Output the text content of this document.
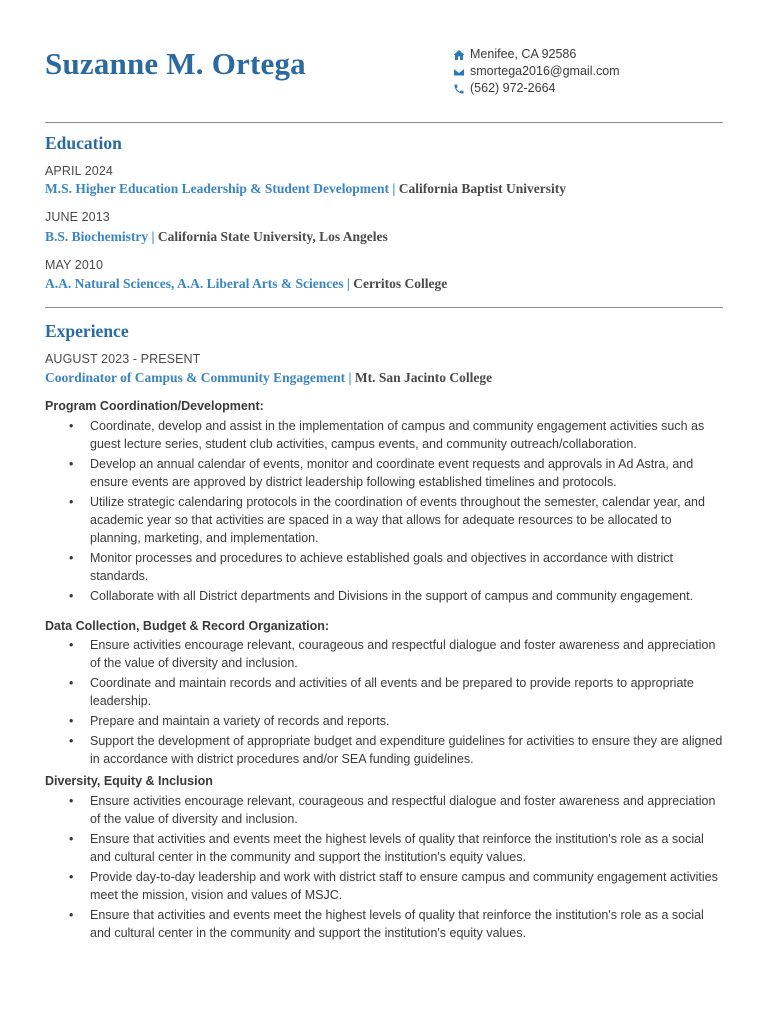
Suzanne M. Ortega	Menifee, CA 92586
smortega2016@gmail.com
(562) 972-2664
Education
APRIL 2024
M.S. Higher Education Leadership & Student Development | California Baptist University
JUNE 2013
B.S. Biochemistry | California State University, Los Angeles
MAY 2010
A.A. Natural Sciences, A.A. Liberal Arts & Sciences | Cerritos College
Experience
AUGUST 2023 - PRESENT
Coordinator of Campus & Community Engagement | Mt. San Jacinto College
Program Coordination/Development:
• Coordinate, develop and assist in the implementation of campus and community engagement activities such as guest lecture series, student club activities, campus events, and community outreach/collaboration.
• Develop an annual calendar of events, monitor and coordinate event requests and approvals in Ad Astra, and ensure events are approved by district leadership following established timelines and protocols.
• Utilize strategic calendaring protocols in the coordination of events throughout the semester, calendar year, and academic year so that activities are spaced in a way that allows for adequate resources to be allocated to planning, marketing, and implementation.
• Monitor processes and procedures to achieve established goals and objectives in accordance with district standards.
• Collaborate with all District departments and Divisions in the support of campus and community engagement.
Data Collection, Budget & Record Organization:
• Ensure activities encourage relevant, courageous and respectful dialogue and foster awareness and appreciation of the value of diversity and inclusion.
• Coordinate and maintain records and activities of all events and be prepared to provide reports to appropriate leadership.
• Prepare and maintain a variety of records and reports.
• Support the development of appropriate budget and expenditure guidelines for activities to ensure they are aligned in accordance with district procedures and/or SEA funding guidelines.
Diversity, Equity & Inclusion
• Ensure activities encourage relevant, courageous and respectful dialogue and foster awareness and appreciation of the value of diversity and inclusion.
• Ensure that activities and events meet the highest levels of quality that reinforce the institution's role as a social and cultural center in the community and support the institution's equity values.
• Provide day-to-day leadership and work with district staff to ensure campus and community engagement activities meet the mission, vision and values of MSJC.
• Ensure that activities and events meet the highest levels of quality that reinforce the institution's role as a social and cultural center in the community and support the institution's equity values.
